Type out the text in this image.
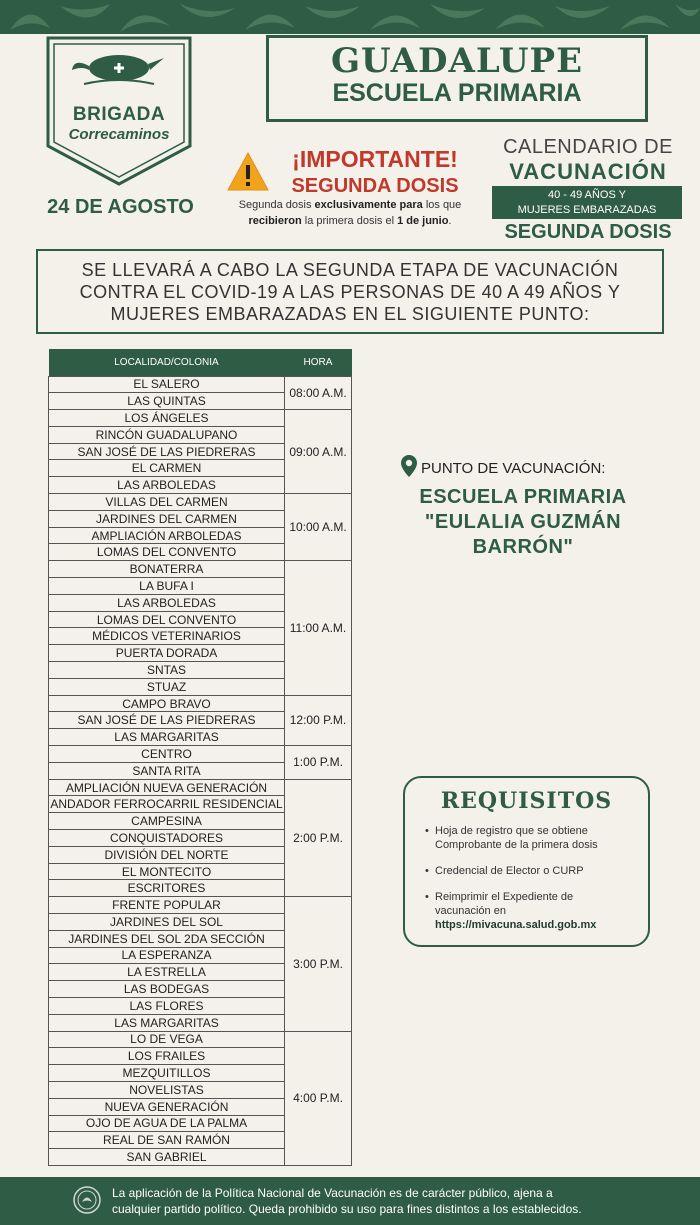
BRIGADA
Correcaminos
24 DE AGOSTO
GUADALUPE
ESCUELA PRIMARIA
¡IMPORTANTE!
SEGUNDA DOSIS
Segunda dosis exclusivamente para los que
recibieron la primera dosis el 1 de junio.
CALENDARIO DE
VACUNACIÓN
40 - 49 AÑOS Y
MUJERES EMBARAZADAS
SEGUNDA DOSIS
SE LLEVARÁ A CABO LA SEGUNDA ETAPA DE VACUNACIÓN
CONTRA EL COVID-19 A LAS PERSONAS DE 40 A 49 AÑOS Y
MUJERES EMBARAZADAS EN EL SIGUIENTE PUNTO:
LOCALIDAD/COLONIA	HORA
EL SALERO	08:00 A.M.
LAS QUINTAS	
LOS ÁNGELES	09:00 A.M.
RINCÓN GUADALUPANO	
SAN JOSÉ DE LAS PIEDRERAS	
EL CARMEN	
LAS ARBOLEDAS	
VILLAS DEL CARMEN	10:00 A.M.
JARDINES DEL CARMEN	
AMPLIACIÓN ARBOLEDAS	
LOMAS DEL CONVENTO	
BONATERRA	11:00 A.M.
LA BUFA I	
LAS ARBOLEDAS	
LOMAS DEL CONVENTO	
MÉDICOS VETERINARIOS	
PUERTA DORADA	
SNTAS	
STUAZ	
CAMPO BRAVO	12:00 P.M.
SAN JOSÉ DE LAS PIEDRERAS	
LAS MARGARITAS	
CENTRO	1:00 P.M.
SANTA RITA	
AMPLIACIÓN NUEVA GENERACIÓN	2:00 P.M.
ANDADOR FERROCARRIL RESIDENCIAL	
CAMPESINA	
CONQUISTADORES	
DIVISIÓN DEL NORTE	
EL MONTECITO	
ESCRITORES	
FRENTE POPULAR	3:00 P.M.
JARDINES DEL SOL	
JARDINES DEL SOL 2DA SECCIÓN	
LA ESPERANZA	
LA ESTRELLA	
LAS BODEGAS	
LAS FLORES	
LAS MARGARITAS	
LO DE VEGA	4:00 P.M.
LOS FRAILES	
MEZQUITILLOS	
NOVELISTAS	
NUEVA GENERACIÓN	
OJO DE AGUA DE LA PALMA	
REAL DE SAN RAMÓN	
SAN GABRIEL	
PUNTO DE VACUNACIÓN:
ESCUELA PRIMARIA
"EULALIA GUZMÁN
BARRÓN"
REQUISITOS
• Hoja de registro que se obtiene
Comprobante de la primera dosis
• Credencial de Elector o CURP
• Reimprimir el Expediente de
vacunación en
https://mivacuna.salud.gob.mx
La aplicación de la Política Nacional de Vacunación es de carácter público, ajena a
cualquier partido político. Queda prohibido su uso para fines distintos a los establecidos.
